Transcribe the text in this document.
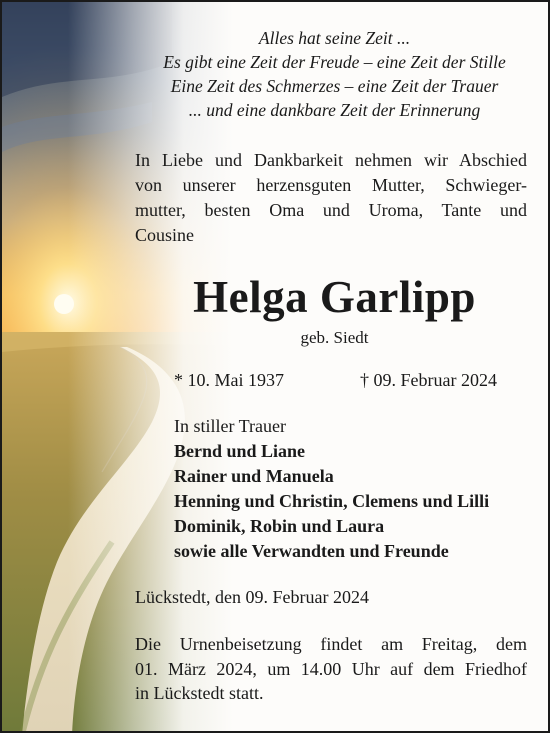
Alles hat seine Zeit ...
Es gibt eine Zeit der Freude – eine Zeit der Stille
Eine Zeit des Schmerzes – eine Zeit der Trauer
... und eine dankbare Zeit der Erinnerung
In Liebe und Dankbarkeit nehmen wir Abschied
von unserer herzensguten Mutter, Schwieger-
mutter, besten Oma und Uroma, Tante und
Cousine
Helga Garlipp
geb. Siedt
* 10. Mai 1937	† 09. Februar 2024
In stiller Trauer
Bernd und Liane
Rainer und Manuela
Henning und Christin, Clemens und Lilli
Dominik, Robin und Laura
sowie alle Verwandten und Freunde
Lückstedt, den 09. Februar 2024
Die Urnenbeisetzung findet am Freitag, dem
01. März 2024, um 14.00 Uhr auf dem Friedhof
in Lückstedt statt.
